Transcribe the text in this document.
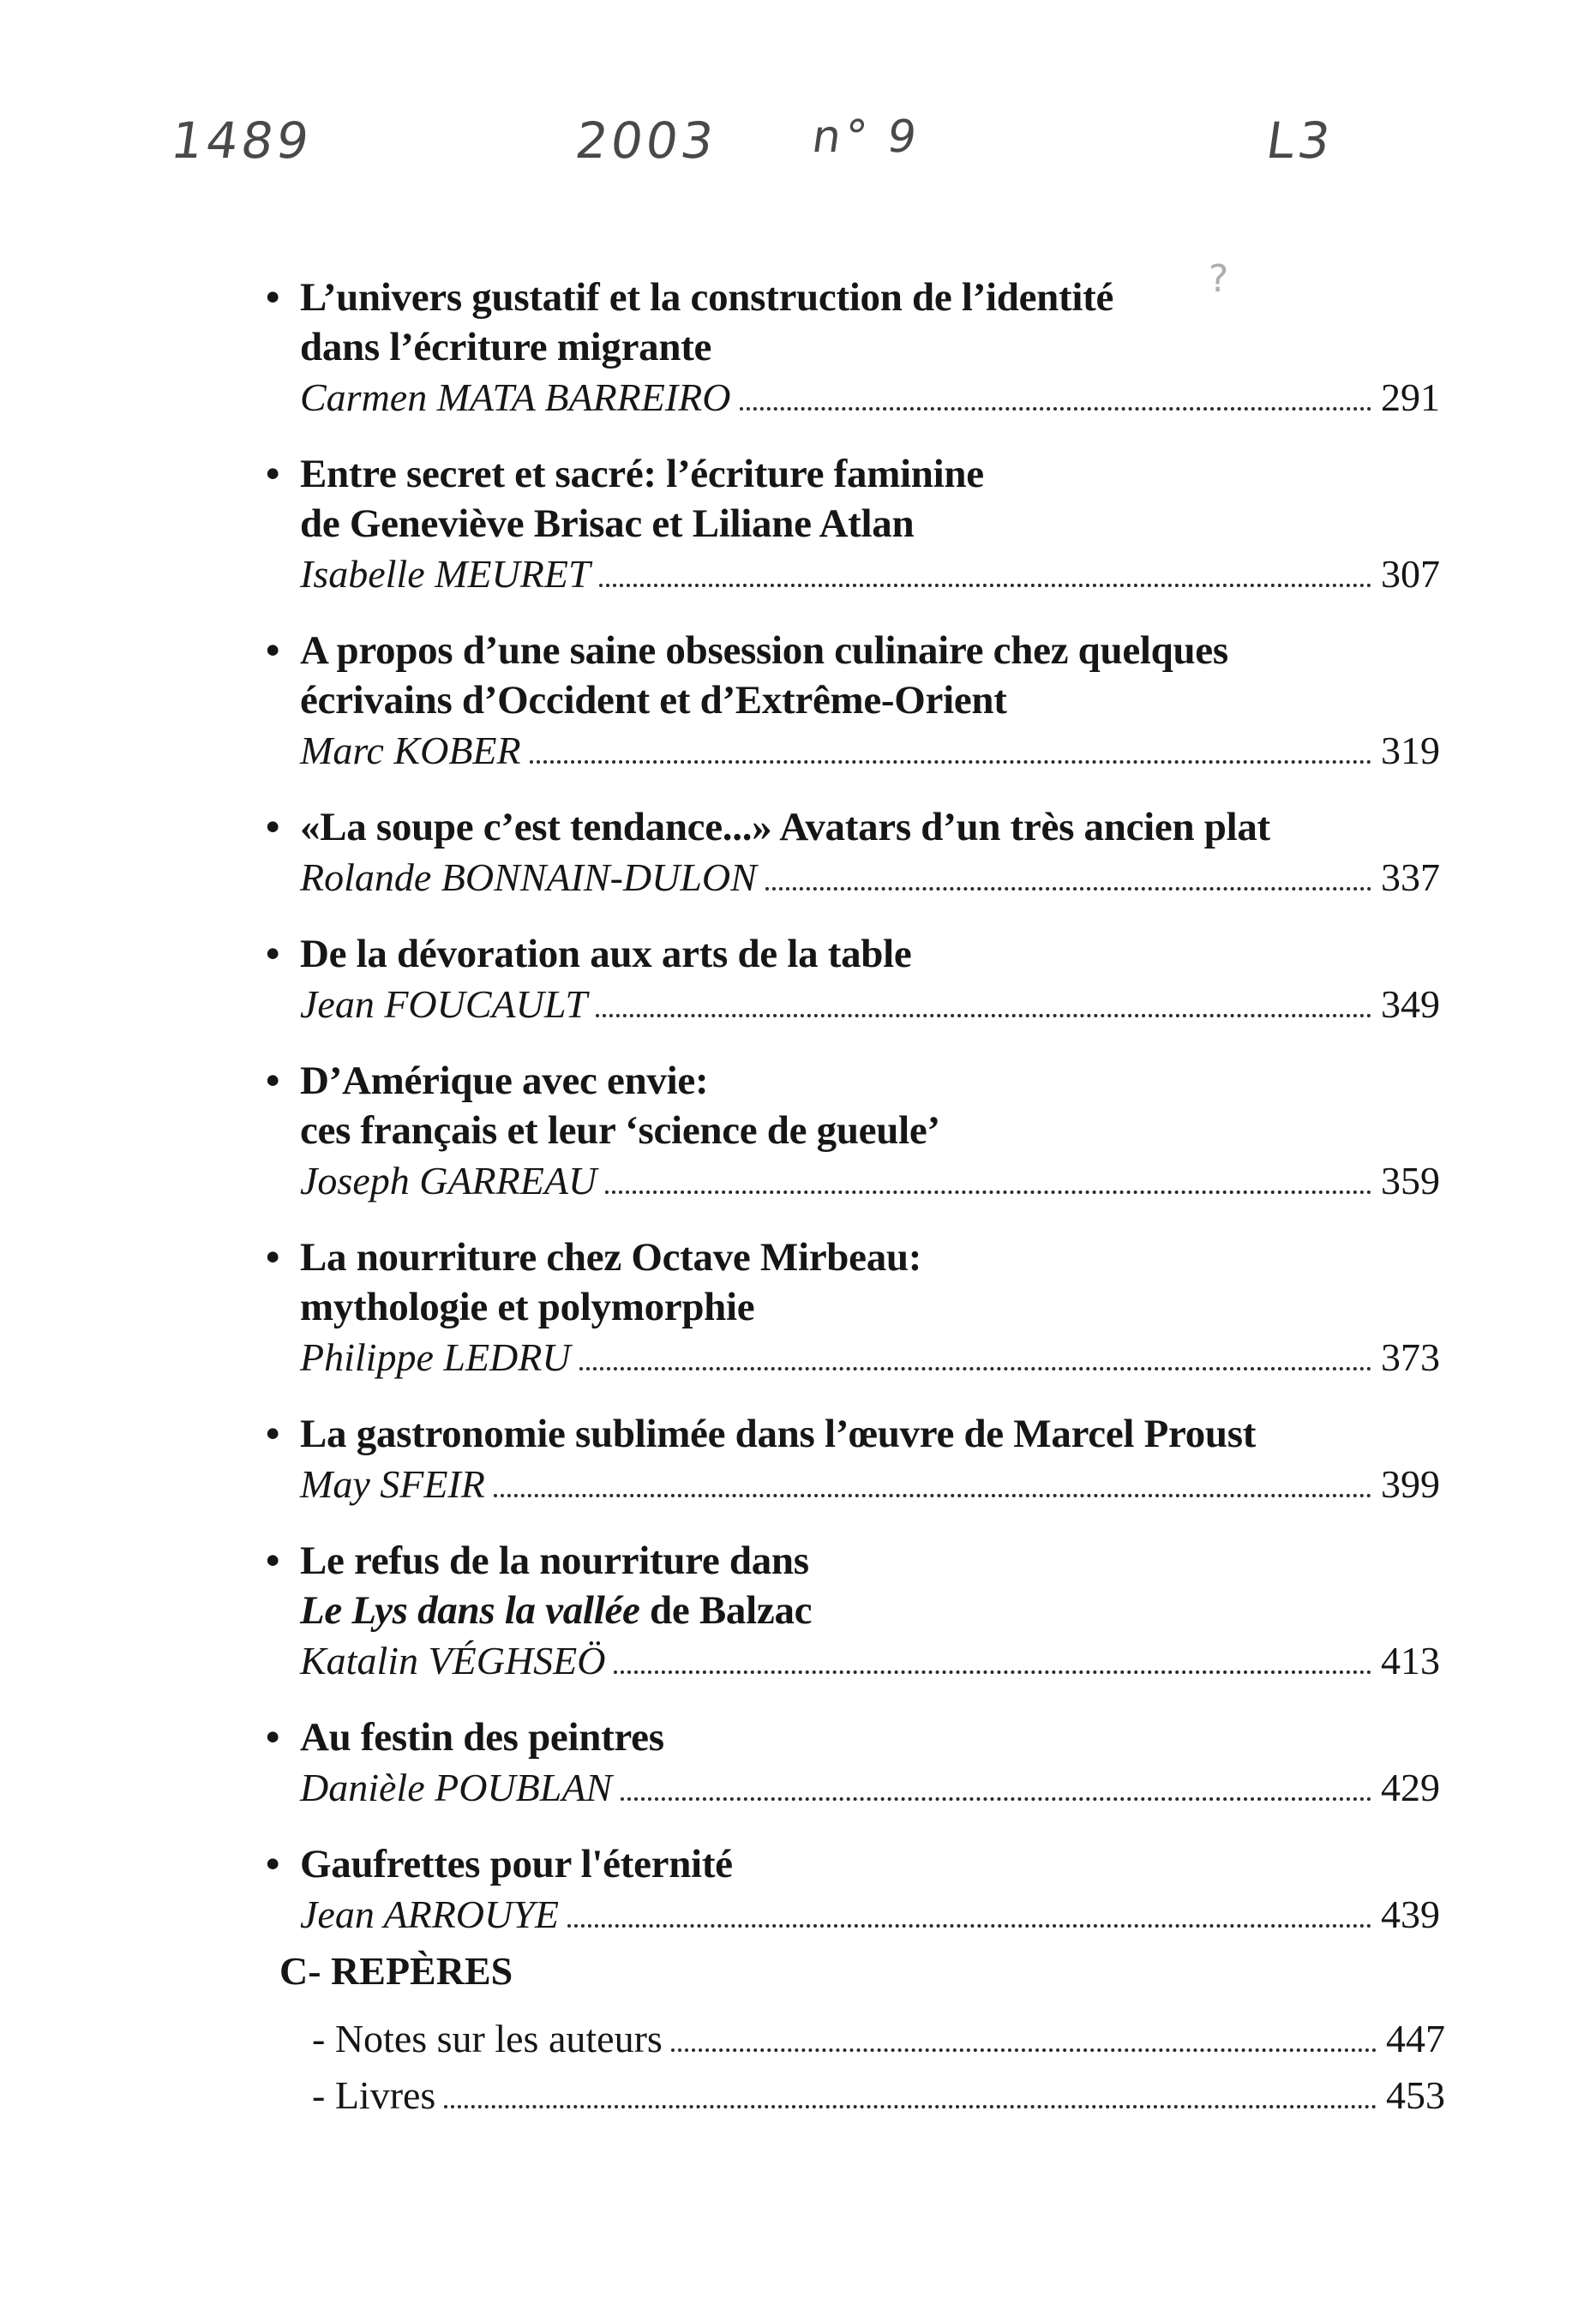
1489	2003 n° 9	L3
?
• L’univers gustatif et la construction de l’identité
dans l’écriture migrante
Carmen MATA BARREIRO	291
• Entre secret et sacré: l’écriture faminine
de Geneviève Brisac et Liliane Atlan
Isabelle MEURET	307
• A propos d’une saine obsession culinaire chez quelques
écrivains d’Occident et d’Extrême-Orient
Marc KOBER	319
• «La soupe c’est tendance...» Avatars d’un très ancien plat
Rolande BONNAIN-DULON	337
• De la dévoration aux arts de la table
Jean FOUCAULT	349
• D’Amérique avec envie:
ces français et leur ‘science de gueule’
Joseph GARREAU	359
• La nourriture chez Octave Mirbeau:
mythologie et polymorphie
Philippe LEDRU	373
• La gastronomie sublimée dans l’œuvre de Marcel Proust
May SFEIR	399
• Le refus de la nourriture dans
Le Lys dans la vallée de Balzac
Katalin VÉGHSEÖ	413
• Au festin des peintres
Danièle POUBLAN	429
• Gaufrettes pour l'éternité
Jean ARROUYE	439
C- REPÈRES
- Notes sur les auteurs	447
- Livres	453
